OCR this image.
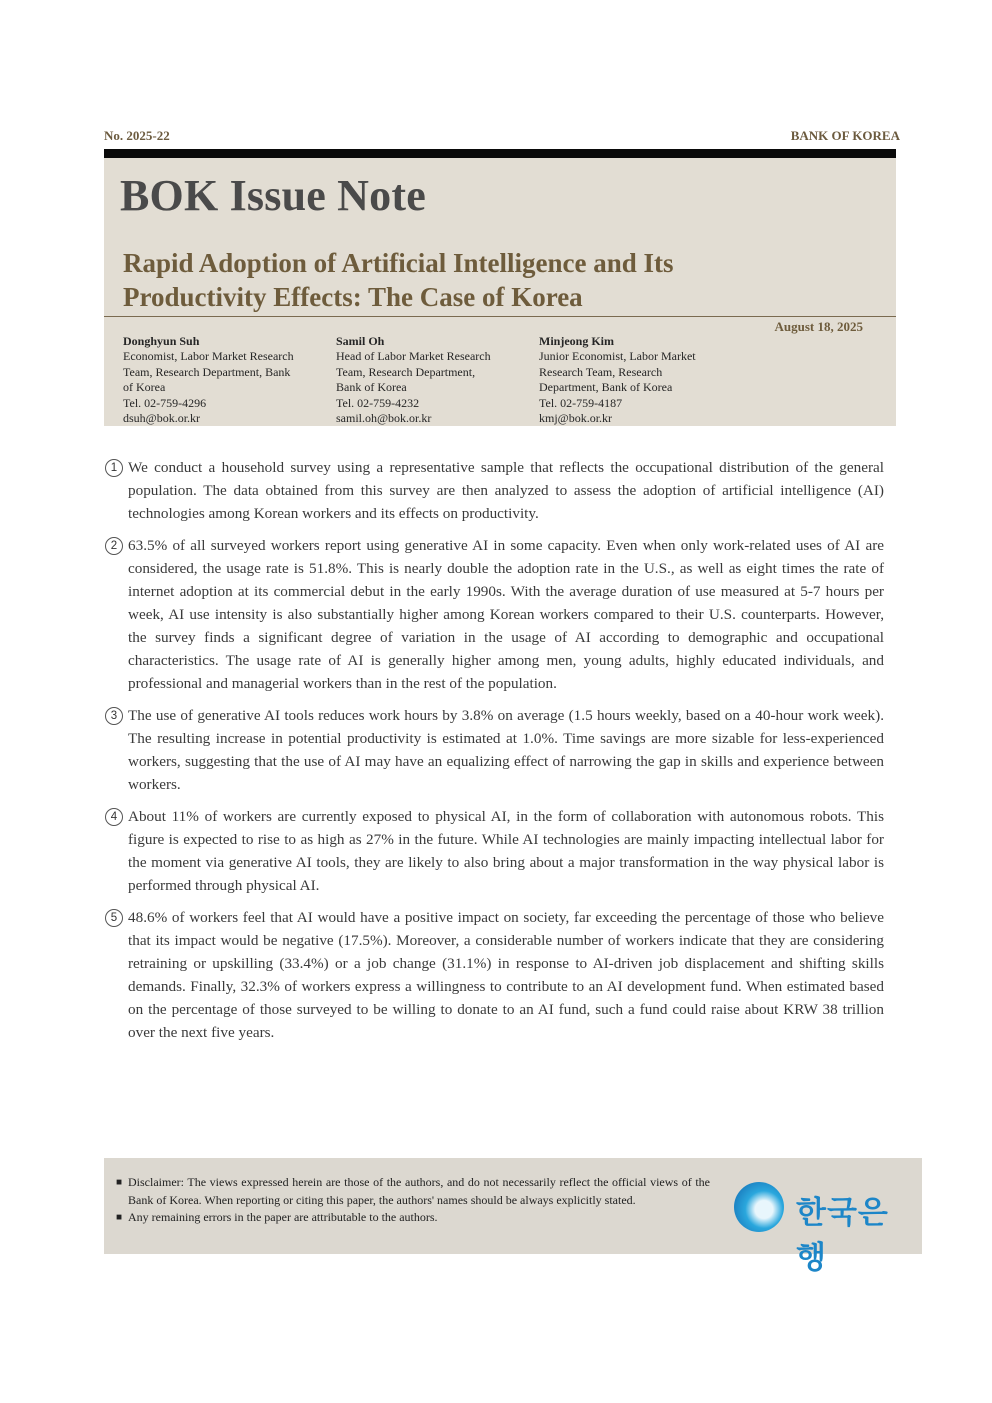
No. 2025-22	BANK OF KOREA
BOK Issue Note
Rapid Adoption of Artificial Intelligence and Its
Productivity Effects: The Case of Korea
August 18, 2025
Donghyun Suh
Economist, Labor Market Research
Team, Research Department, Bank
of Korea
Tel. 02-759-4296
dsuh@bok.or.kr
Samil Oh
Head of Labor Market Research
Team, Research Department,
Bank of Korea
Tel. 02-759-4232
samil.oh@bok.or.kr
Minjeong Kim
Junior Economist, Labor Market
Research Team, Research
Department, Bank of Korea
Tel. 02-759-4187
kmj@bok.or.kr
1 We conduct a household survey using a representative sample that reflects the occupational distribution of the general population. The data obtained from this survey are then analyzed to assess the adoption of artificial intelligence (AI) technologies among Korean workers and its effects on productivity.

2 63.5% of all surveyed workers report using generative AI in some capacity. Even when only work-related uses of AI are considered, the usage rate is 51.8%. This is nearly double the adoption rate in the U.S., as well as eight times the rate of internet adoption at its commercial debut in the early 1990s. With the average duration of use measured at 5-7 hours per week, AI use intensity is also substantially higher among Korean workers compared to their U.S. counterparts. However, the survey finds a significant degree of variation in the usage of AI according to demographic and occupational characteristics. The usage rate of AI is generally higher among men, young adults, highly educated individuals, and professional and managerial workers than in the rest of the population.

3 The use of generative AI tools reduces work hours by 3.8% on average (1.5 hours weekly, based on a 40-hour work week). The resulting increase in potential productivity is estimated at 1.0%. Time savings are more sizable for less-experienced workers, suggesting that the use of AI may have an equalizing effect of narrowing the gap in skills and experience between workers.

4 About 11% of workers are currently exposed to physical AI, in the form of collaboration with autonomous robots. This figure is expected to rise to as high as 27% in the future. While AI technologies are mainly impacting intellectual labor for the moment via generative AI tools, they are likely to also bring about a major transformation in the way physical labor is performed through physical AI.

5 48.6% of workers feel that AI would have a positive impact on society, far exceeding the percentage of those who believe that its impact would be negative (17.5%). Moreover, a considerable number of workers indicate that they are considering retraining or upskilling (33.4%) or a job change (31.1%) in response to AI-driven job displacement and shifting skills demands. Finally, 32.3% of workers express a willingness to contribute to an AI development fund. When estimated based on the percentage of those surveyed to be willing to donate to an AI fund, such a fund could raise about KRW 38 trillion over the next five years.

■ Disclaimer: The views expressed herein are those of the authors, and do not necessarily reflect the official views of the Bank of Korea. When reporting or citing this paper, the authors' names should be always explicitly stated.
■ Any remaining errors in the paper are attributable to the authors.	한국은행
